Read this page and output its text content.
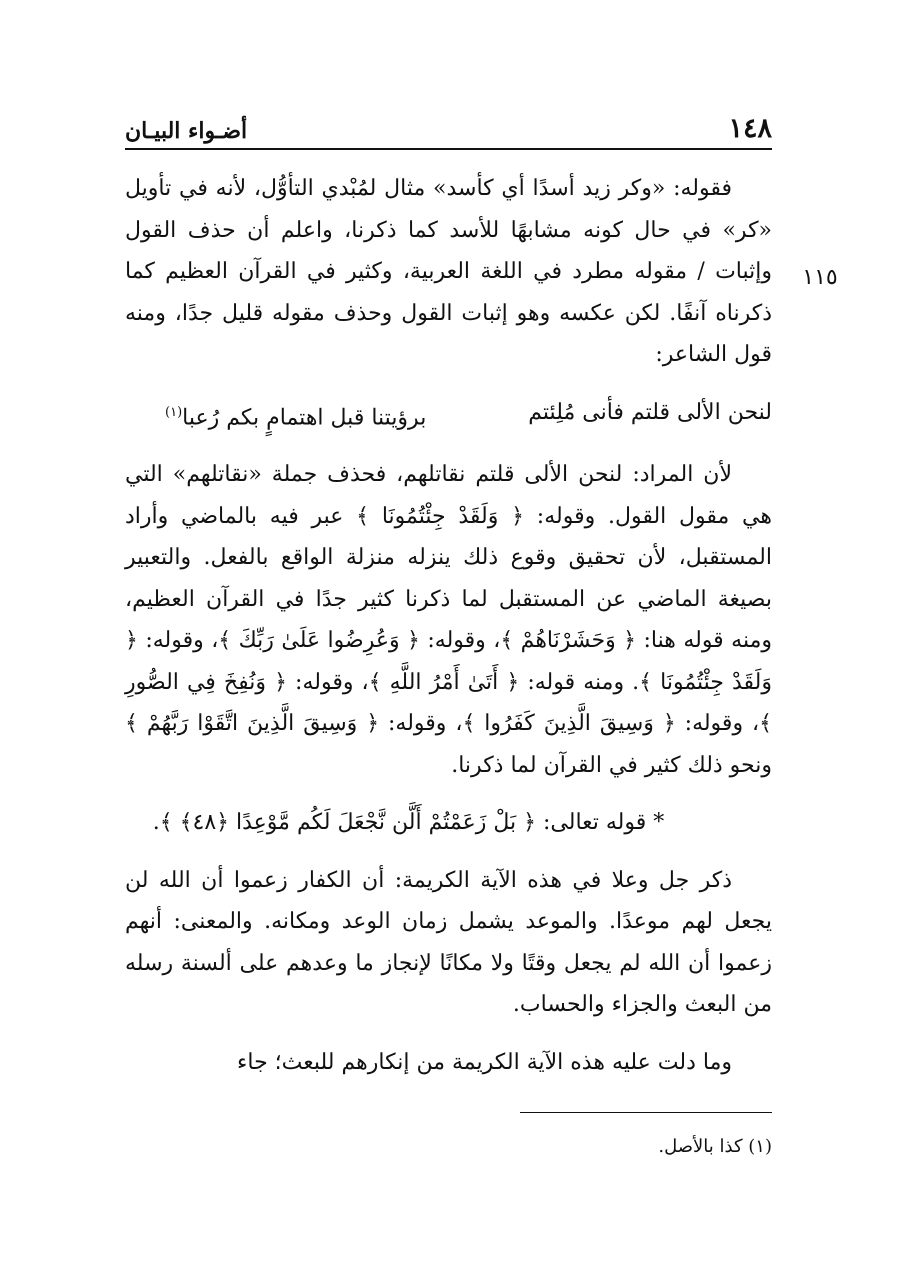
١٤٨
أضـواء البيـان
١١٥

فقوله: «وكر زيد أسدًا أي كأسد» مثال لمُبْدي التأوُّل، لأنه في تأويل «كر» في حال كونه مشابهًا للأسد كما ذكرنا، واعلم أن حذف القول وإثبات / مقوله مطرد في اللغة العربية، وكثير في القرآن العظيم كما ذكرناه آنفًا. لكن عكسه وهو إثبات القول وحذف مقوله قليل جدًا، ومنه قول الشاعر:

لنحن الألى قلتم فأنى مُلِئتم
برؤيتنا قبل اهتمامٍ بكم رُعبا$^{(١)}$

لأن المراد: لنحن الألى قلتم نقاتلهم، فحذف جملة «نقاتلهم» التي هي مقول القول. وقوله: ﴿ وَلَقَدْ جِئْتُمُونَا ﴾ عبر فيه بالماضي وأراد المستقبل، لأن تحقيق وقوع ذلك ينزله منزلة الواقع بالفعل. والتعبير بصيغة الماضي عن المستقبل لما ذكرنا كثير جدًا في القرآن العظيم، ومنه قوله هنا: ﴿ وَحَشَرْنَاهُمْ ﴾، وقوله: ﴿ وَعُرِضُوا عَلَىٰ رَبِّكَ ﴾، وقوله: ﴿ وَلَقَدْ جِئْتُمُونَا ﴾. ومنه قوله: ﴿ أَتَىٰ أَمْرُ اللَّهِ ﴾، وقوله: ﴿ وَنُفِخَ فِي الصُّورِ ﴾، وقوله: ﴿ وَسِيقَ الَّذِينَ كَفَرُوا ﴾، وقوله: ﴿ وَسِيقَ الَّذِينَ اتَّقَوْا رَبَّهُمْ ﴾ ونحو ذلك كثير في القرآن لما ذكرنا.

* قوله تعالى: ﴿ بَلْ زَعَمْتُمْ أَلَّن نَّجْعَلَ لَكُم مَّوْعِدًا ﴿٤٨﴾ ﴾.

ذكر جل وعلا في هذه الآية الكريمة: أن الكفار زعموا أن الله لن يجعل لهم موعدًا. والموعد يشمل زمان الوعد ومكانه. والمعنى: أنهم زعموا أن الله لم يجعل وقتًا ولا مكانًا لإنجاز ما وعدهم على ألسنة رسله من البعث والجزاء والحساب.

وما دلت عليه هذه الآية الكريمة من إنكارهم للبعث؛ جاء

(١) كذا بالأصل.
